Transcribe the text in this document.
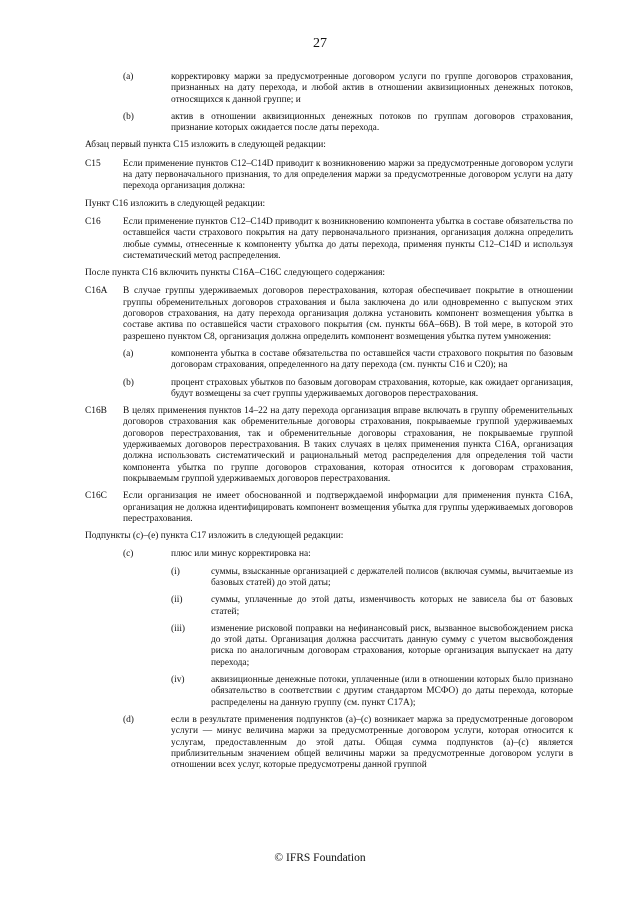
27
(a)	корректировку маржи за предусмотренные договором услуги по группе договоров страхования, признанных на дату перехода, и любой актив в отношении аквизиционных денежных потоков, относящихся к данной группе; и
(b)	актив в отношении аквизиционных денежных потоков по группам договоров страхования, признание которых ожидается после даты перехода.
Абзац первый пункта C15 изложить в следующей редакции:
C15	Если применение пунктов C12–C14D приводит к возникновению маржи за предусмотренные договором услуги на дату первоначального признания, то для определения маржи за предусмотренные договором услуги на дату перехода организация должна:
Пункт C16 изложить в следующей редакции:
C16	Если применение пунктов C12–C14D приводит к возникновению компонента убытка в составе обязательства по оставшейся части страхового покрытия на дату первоначального признания, организация должна определить любые суммы, отнесенные к компоненту убытка до даты перехода, применяя пункты C12–C14D и используя систематический метод распределения.
После пункта C16 включить пункты C16A–C16C следующего содержания:
C16A	В случае группы удерживаемых договоров перестрахования, которая обеспечивает покрытие в отношении группы обременительных договоров страхования и была заключена до или одновременно с выпуском этих договоров страхования, на дату перехода организация должна установить компонент возмещения убытка в составе актива по оставшейся части страхового покрытия (см. пункты 66A–66B). В той мере, в которой это разрешено пунктом C8, организация должна определить компонент возмещения убытка путем умножения:
(a)	компонента убытка в составе обязательства по оставшейся части страхового покрытия по базовым договорам страхования, определенного на дату перехода (см. пункты C16 и C20); на
(b)	процент страховых убытков по базовым договорам страхования, которые, как ожидает организация, будут возмещены за счет группы удерживаемых договоров перестрахования.
C16B	В целях применения пунктов 14–22 на дату перехода организация вправе включать в группу обременительных договоров страхования как обременительные договоры страхования, покрываемые группой удерживаемых договоров перестрахования, так и обременительные договоры страхования, не покрываемые группой удерживаемых договоров перестрахования. В таких случаях в целях применения пункта C16A, организация должна использовать систематический и рациональный метод распределения для определения той части компонента убытка по группе договоров страхования, которая относится к договорам страхования, покрываемым группой удерживаемых договоров перестрахования.
C16C	Если организация не имеет обоснованной и подтверждаемой информации для применения пункта C16A, организация не должна идентифицировать компонент возмещения убытка для группы удерживаемых договоров перестрахования.
Подпункты (c)–(e) пункта C17 изложить в следующей редакции:
(c)	плюс или минус корректировка на:
(i)	суммы, взысканные организацией с держателей полисов (включая суммы, вычитаемые из базовых статей) до этой даты;
(ii)	суммы, уплаченные до этой даты, изменчивость которых не зависела бы от базовых статей;
(iii)	изменение рисковой поправки на нефинансовый риск, вызванное высвобождением риска до этой даты. Организация должна рассчитать данную сумму с учетом высвобождения риска по аналогичным договорам страхования, которые организация выпускает на дату перехода;
(iv)	аквизиционные денежные потоки, уплаченные (или в отношении которых было признано обязательство в соответствии с другим стандартом МСФО) до даты перехода, которые распределены на данную группу (см. пункт C17A);
(d)	если в результате применения подпунктов (a)–(c) возникает маржа за предусмотренные договором услуги — минус величина маржи за предусмотренные договором услуги, которая относится к услугам, предоставленным до этой даты. Общая сумма подпунктов (a)–(c) является приблизительным значением общей величины маржи за предусмотренные договором услуги в отношении всех услуг, которые предусмотрены данной группой
© IFRS Foundation
